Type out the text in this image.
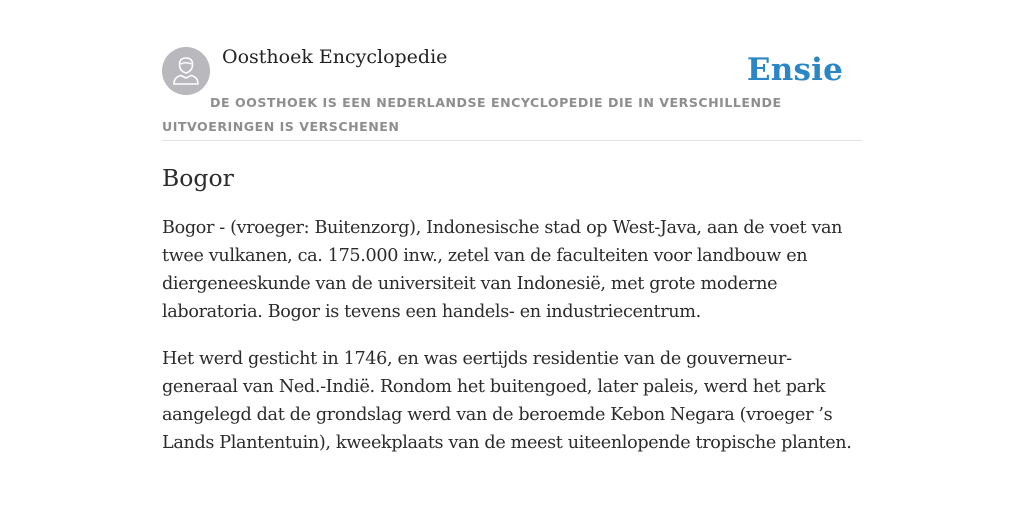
Oosthoek Encyclopedie	Ensie
DE OOSTHOEK IS EEN NEDERLANDSE ENCYCLOPEDIE DIE IN VERSCHILLENDE UITVOERINGEN IS VERSCHENEN
Bogor

Bogor - (vroeger: Buitenzorg), Indonesische stad op West-Java, aan de voet van twee vulkanen, ca. 175.000 inw., zetel van de faculteiten voor landbouw en diergeneeskunde van de universiteit van Indonesië, met grote moderne laboratoria. Bogor is tevens een handels- en industriecentrum.

Het werd gesticht in 1746, en was eertijds residentie van de gouverneur-generaal van Ned.-Indië. Rondom het buitengoed, later paleis, werd het park aangelegd dat de grondslag werd van de beroemde Kebon Negara (vroeger ’s Lands Plantentuin), kweekplaats van de meest uiteenlopende tropische planten.
